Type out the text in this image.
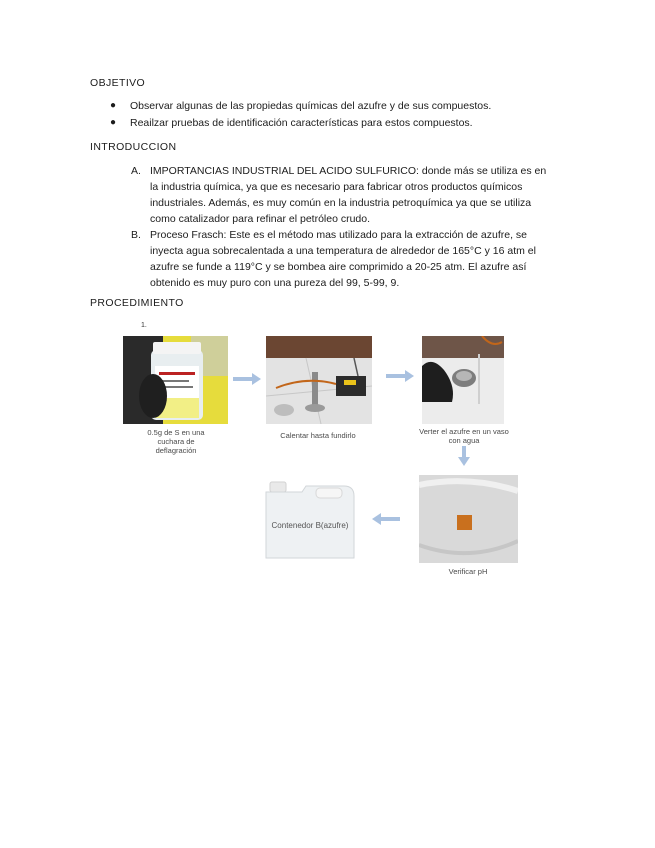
OBJETIVO
● Observar algunas de las propiedas químicas del azufre y de sus compuestos.
● Reailzar pruebas de identificación características para estos compuestos.
INTRODUCCION
A. IMPORTANCIAS INDUSTRIAL DEL ACIDO SULFURICO: donde más se utiliza es en la industria química, ya que es necesario para fabricar otros productos químicos industriales. Además, es muy común en la industria petroquímica ya que se utiliza como catalizador para refinar el petróleo crudo.
B. Proceso Frasch: Este es el método mas utilizado para la extracción de azufre, se inyecta agua sobrecalentada a una temperatura de alrededor de 165°C y 16 atm el azufre se funde a 119°C y se bombea aire comprimido a 20-25 atm. El azufre así obtenido es muy puro con una pureza del 99, 5-99, 9.
PROCEDIMIENTO
1.
0.5g de S en una cuchara de deflagración
Calentar hasta fundirlo	Verter el azufre en un vaso con agua
Verificar pH
Contenedor B(azufre)
